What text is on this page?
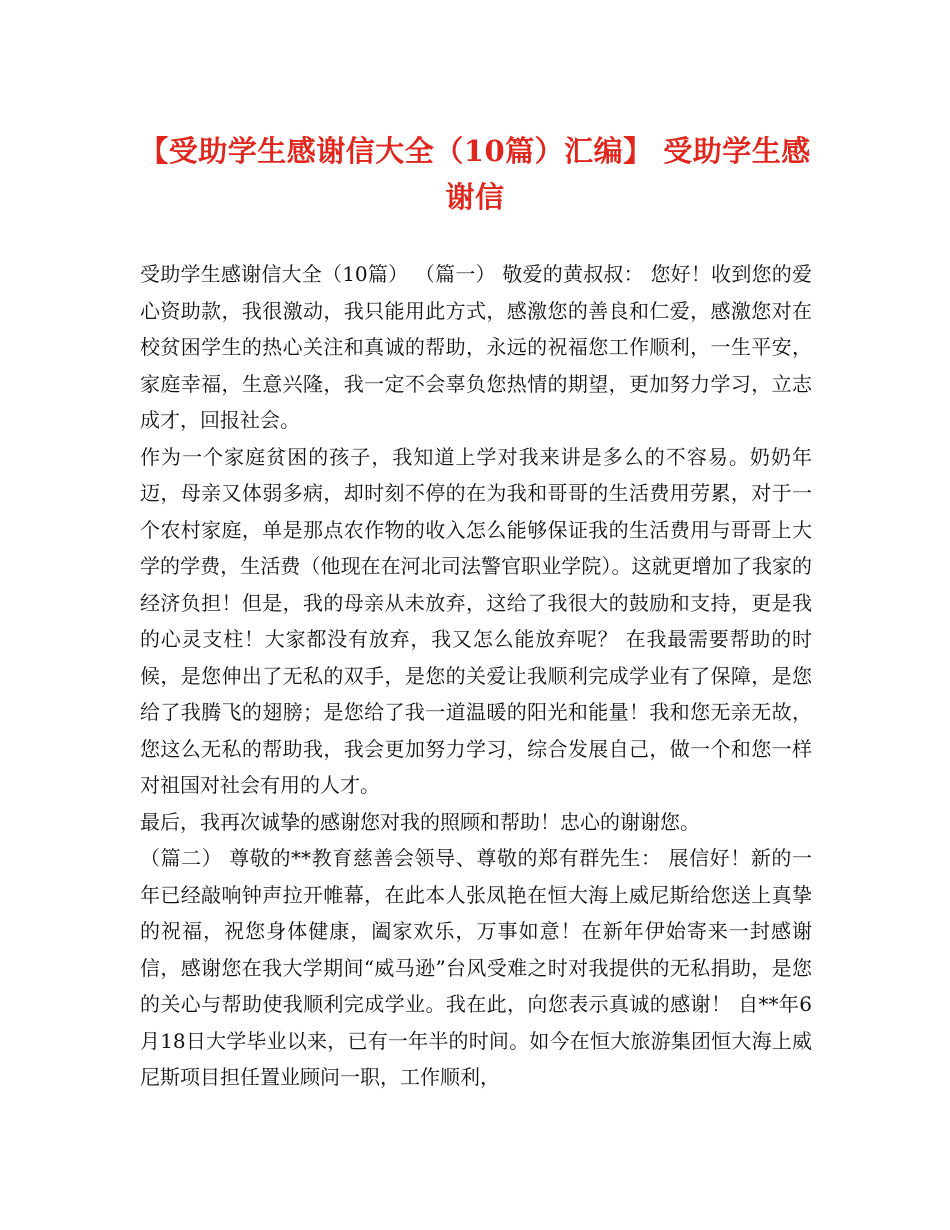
【受助学生感谢信大全（10篇）汇编】 受助学生感谢信

受助学生感谢信大全（10篇） （篇一） 敬爱的黄叔叔： 您好！收到您的爱心资助款，我很激动，我只能用此方式，感激您的善良和仁爱，感激您对在校贫困学生的热心关注和真诚的帮助，永远的祝福您工作顺利，一生平安，家庭幸福，生意兴隆，我一定不会辜负您热情的期望，更加努力学习，立志成才，回报社会。

作为一个家庭贫困的孩子，我知道上学对我来讲是多么的不容易。奶奶年迈，母亲又体弱多病，却时刻不停的在为我和哥哥的生活费用劳累，对于一个农村家庭，单是那点农作物的收入怎么能够保证我的生活费用与哥哥上大学的学费，生活费（他现在在河北司法警官职业学院）。这就更增加了我家的经济负担！但是，我的母亲从未放弃，这给了我很大的鼓励和支持，更是我的心灵支柱！大家都没有放弃，我又怎么能放弃呢？ 在我最需要帮助的时候，是您伸出了无私的双手，是您的关爱让我顺利完成学业有了保障，是您给了我腾飞的翅膀；是您给了我一道温暖的阳光和能量！我和您无亲无故，您这么无私的帮助我，我会更加努力学习，综合发展自己，做一个和您一样对祖国对社会有用的人才。

最后，我再次诚挚的感谢您对我的照顾和帮助！忠心的谢谢您。

（篇二） 尊敬的**教育慈善会领导、尊敬的郑有群先生： 展信好！新的一年已经敲响钟声拉开帷幕，在此本人张凤艳在恒大海上威尼斯给您送上真挚的祝福，祝您身体健康，阖家欢乐，万事如意！在新年伊始寄来一封感谢信，感谢您在我大学期间“威马逊”台风受难之时对我提供的无私捐助，是您的关心与帮助使我顺利完成学业。我在此，向您表示真诚的感谢！ 自**年6月18日大学毕业以来，已有一年半的时间。如今在恒大旅游集团恒大海上威尼斯项目担任置业顾问一职，工作顺利，
